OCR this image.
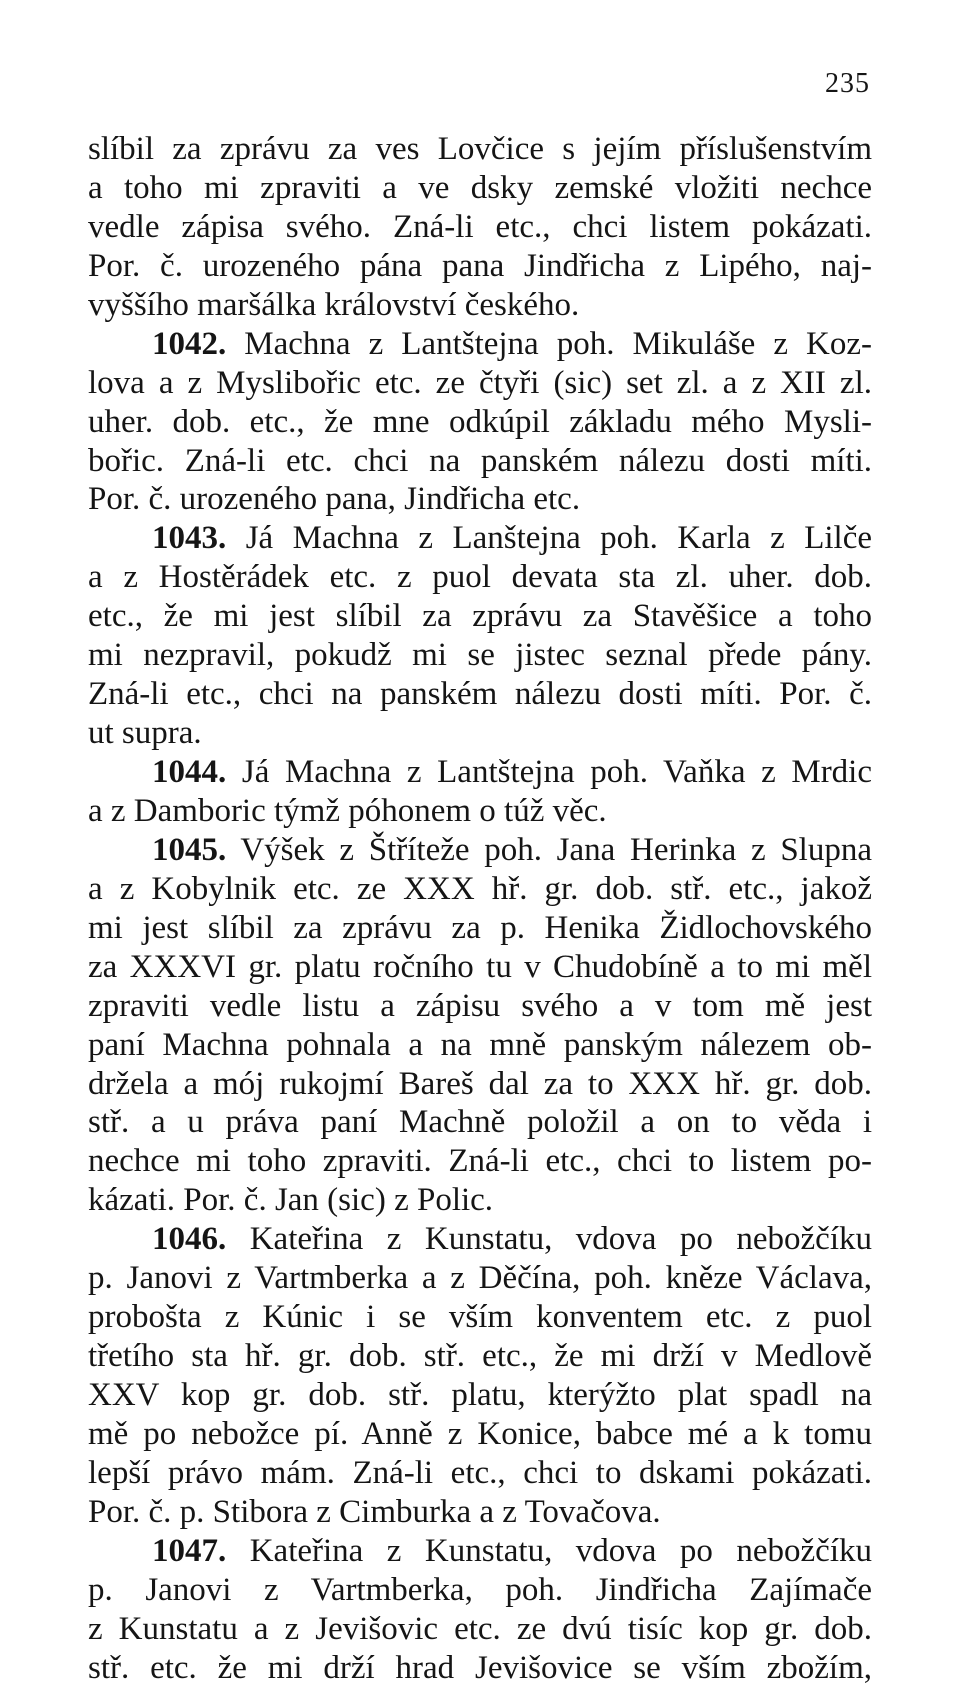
235
slíbil za zprávu za ves Lovčice s jejím příslušenstvím
a toho mi zpraviti a ve dsky zemské vložiti nechce
vedle zápisa svého. Zná-li etc., chci listem pokázati.
Por. č. urozeného pána pana Jindřicha z Lipého, naj-
vyššího maršálka království českého.
1042. Machna z Lantštejna poh. Mikuláše z Koz-
lova a z Myslibořic etc. ze čtyři (sic) set zl. a z XII zl.
uher. dob. etc., že mne odkúpil základu mého Mysli-
bořic. Zná-li etc. chci na panském nálezu dosti míti.
Por. č. urozeného pana, Jindřicha etc.
1043. Já Machna z Lanštejna poh. Karla z Lilče
a z Hostěrádek etc. z puol devata sta zl. uher. dob.
etc., že mi jest slíbil za zprávu za Stavěšice a toho
mi nezpravil, pokudž mi se jistec seznal přede pány.
Zná-li etc., chci na panském nálezu dosti míti. Por. č.
ut supra.
1044. Já Machna z Lantštejna poh. Vaňka z Mrdic
a z Damboric týmž póhonem o túž věc.
1045. Výšek z Štříteže poh. Jana Herinka z Slupna
a z Kobylnik etc. ze XXX hř. gr. dob. stř. etc., jakož
mi jest slíbil za zprávu za p. Henika Židlochovského
za XXXVI gr. platu ročního tu v Chudobíně a to mi měl
zpraviti vedle listu a zápisu svého a v tom mě jest
paní Machna pohnala a na mně panským nálezem ob-
držela a mój rukojmí Bareš dal za to XXX hř. gr. dob.
stř. a u práva paní Machně položil a on to věda i
nechce mi toho zpraviti. Zná-li etc., chci to listem po-
kázati. Por. č. Jan (sic) z Polic.
1046. Kateřina z Kunstatu, vdova po nebožčíku
p. Janovi z Vartmberka a z Děčína, poh. kněze Václava,
probošta z Kúnic i se vším konventem etc. z puol
třetího sta hř. gr. dob. stř. etc., že mi drží v Medlově
XXV kop gr. dob. stř. platu, kterýžto plat spadl na
mě po nebožce pí. Anně z Konice, babce mé a k tomu
lepší právo mám. Zná-li etc., chci to dskami pokázati.
Por. č. p. Stibora z Cimburka a z Tovačova.
1047. Kateřina z Kunstatu, vdova po nebožčíku
p. Janovi z Vartmberka, poh. Jindřicha Zajímače
z Kunstatu a z Jevišovic etc. ze dvú tisíc kop gr. dob.
stř. etc. že mi drží hrad Jevišovice se vším zbožím,
